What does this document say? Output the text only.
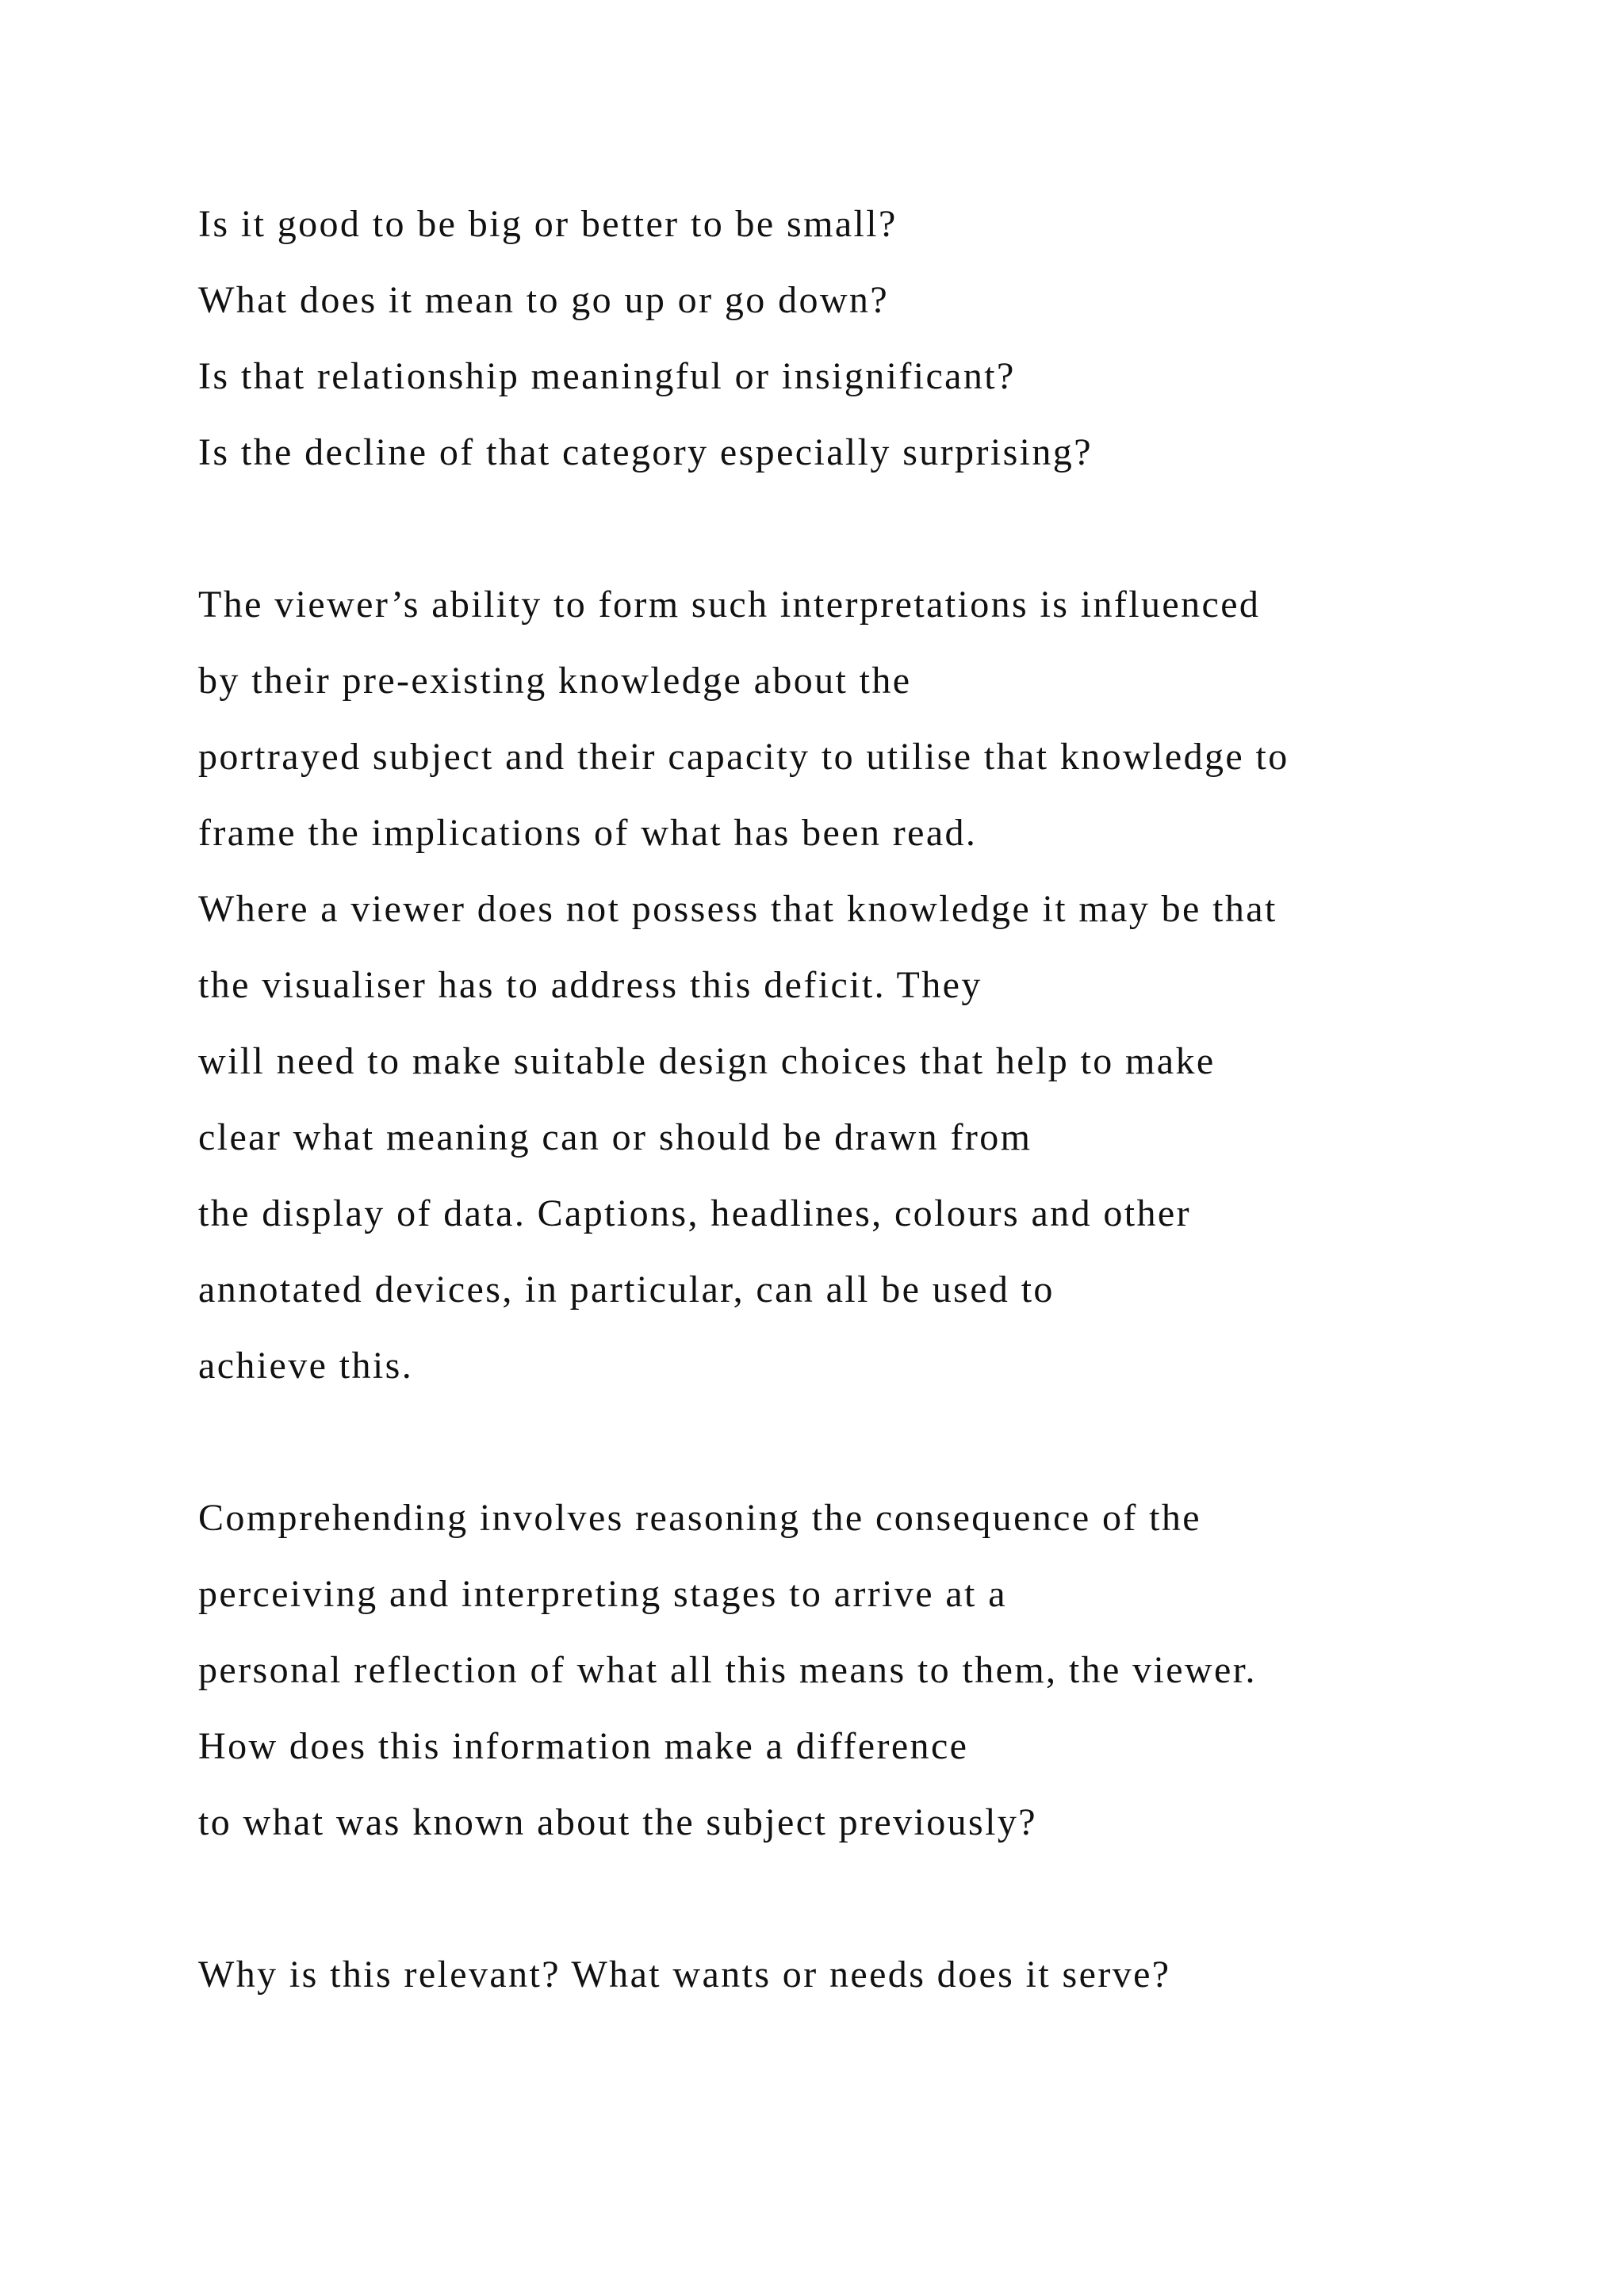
Is it good to be big or better to be small?
What does it mean to go up or go down?
Is that relationship meaningful or insignificant?
Is the decline of that category especially surprising?
The viewer’s ability to form such interpretations is influenced
by their pre-existing knowledge about the
portrayed subject and their capacity to utilise that knowledge to
frame the implications of what has been read.
Where a viewer does not possess that knowledge it may be that
the visualiser has to address this deficit. They
will need to make suitable design choices that help to make
clear what meaning can or should be drawn from
the display of data. Captions, headlines, colours and other
annotated devices, in particular, can all be used to
achieve this.
Comprehending involves reasoning the consequence of the
perceiving and interpreting stages to arrive at a
personal reflection of what all this means to them, the viewer.
How does this information make a difference
to what was known about the subject previously?
Why is this relevant? What wants or needs does it serve?
